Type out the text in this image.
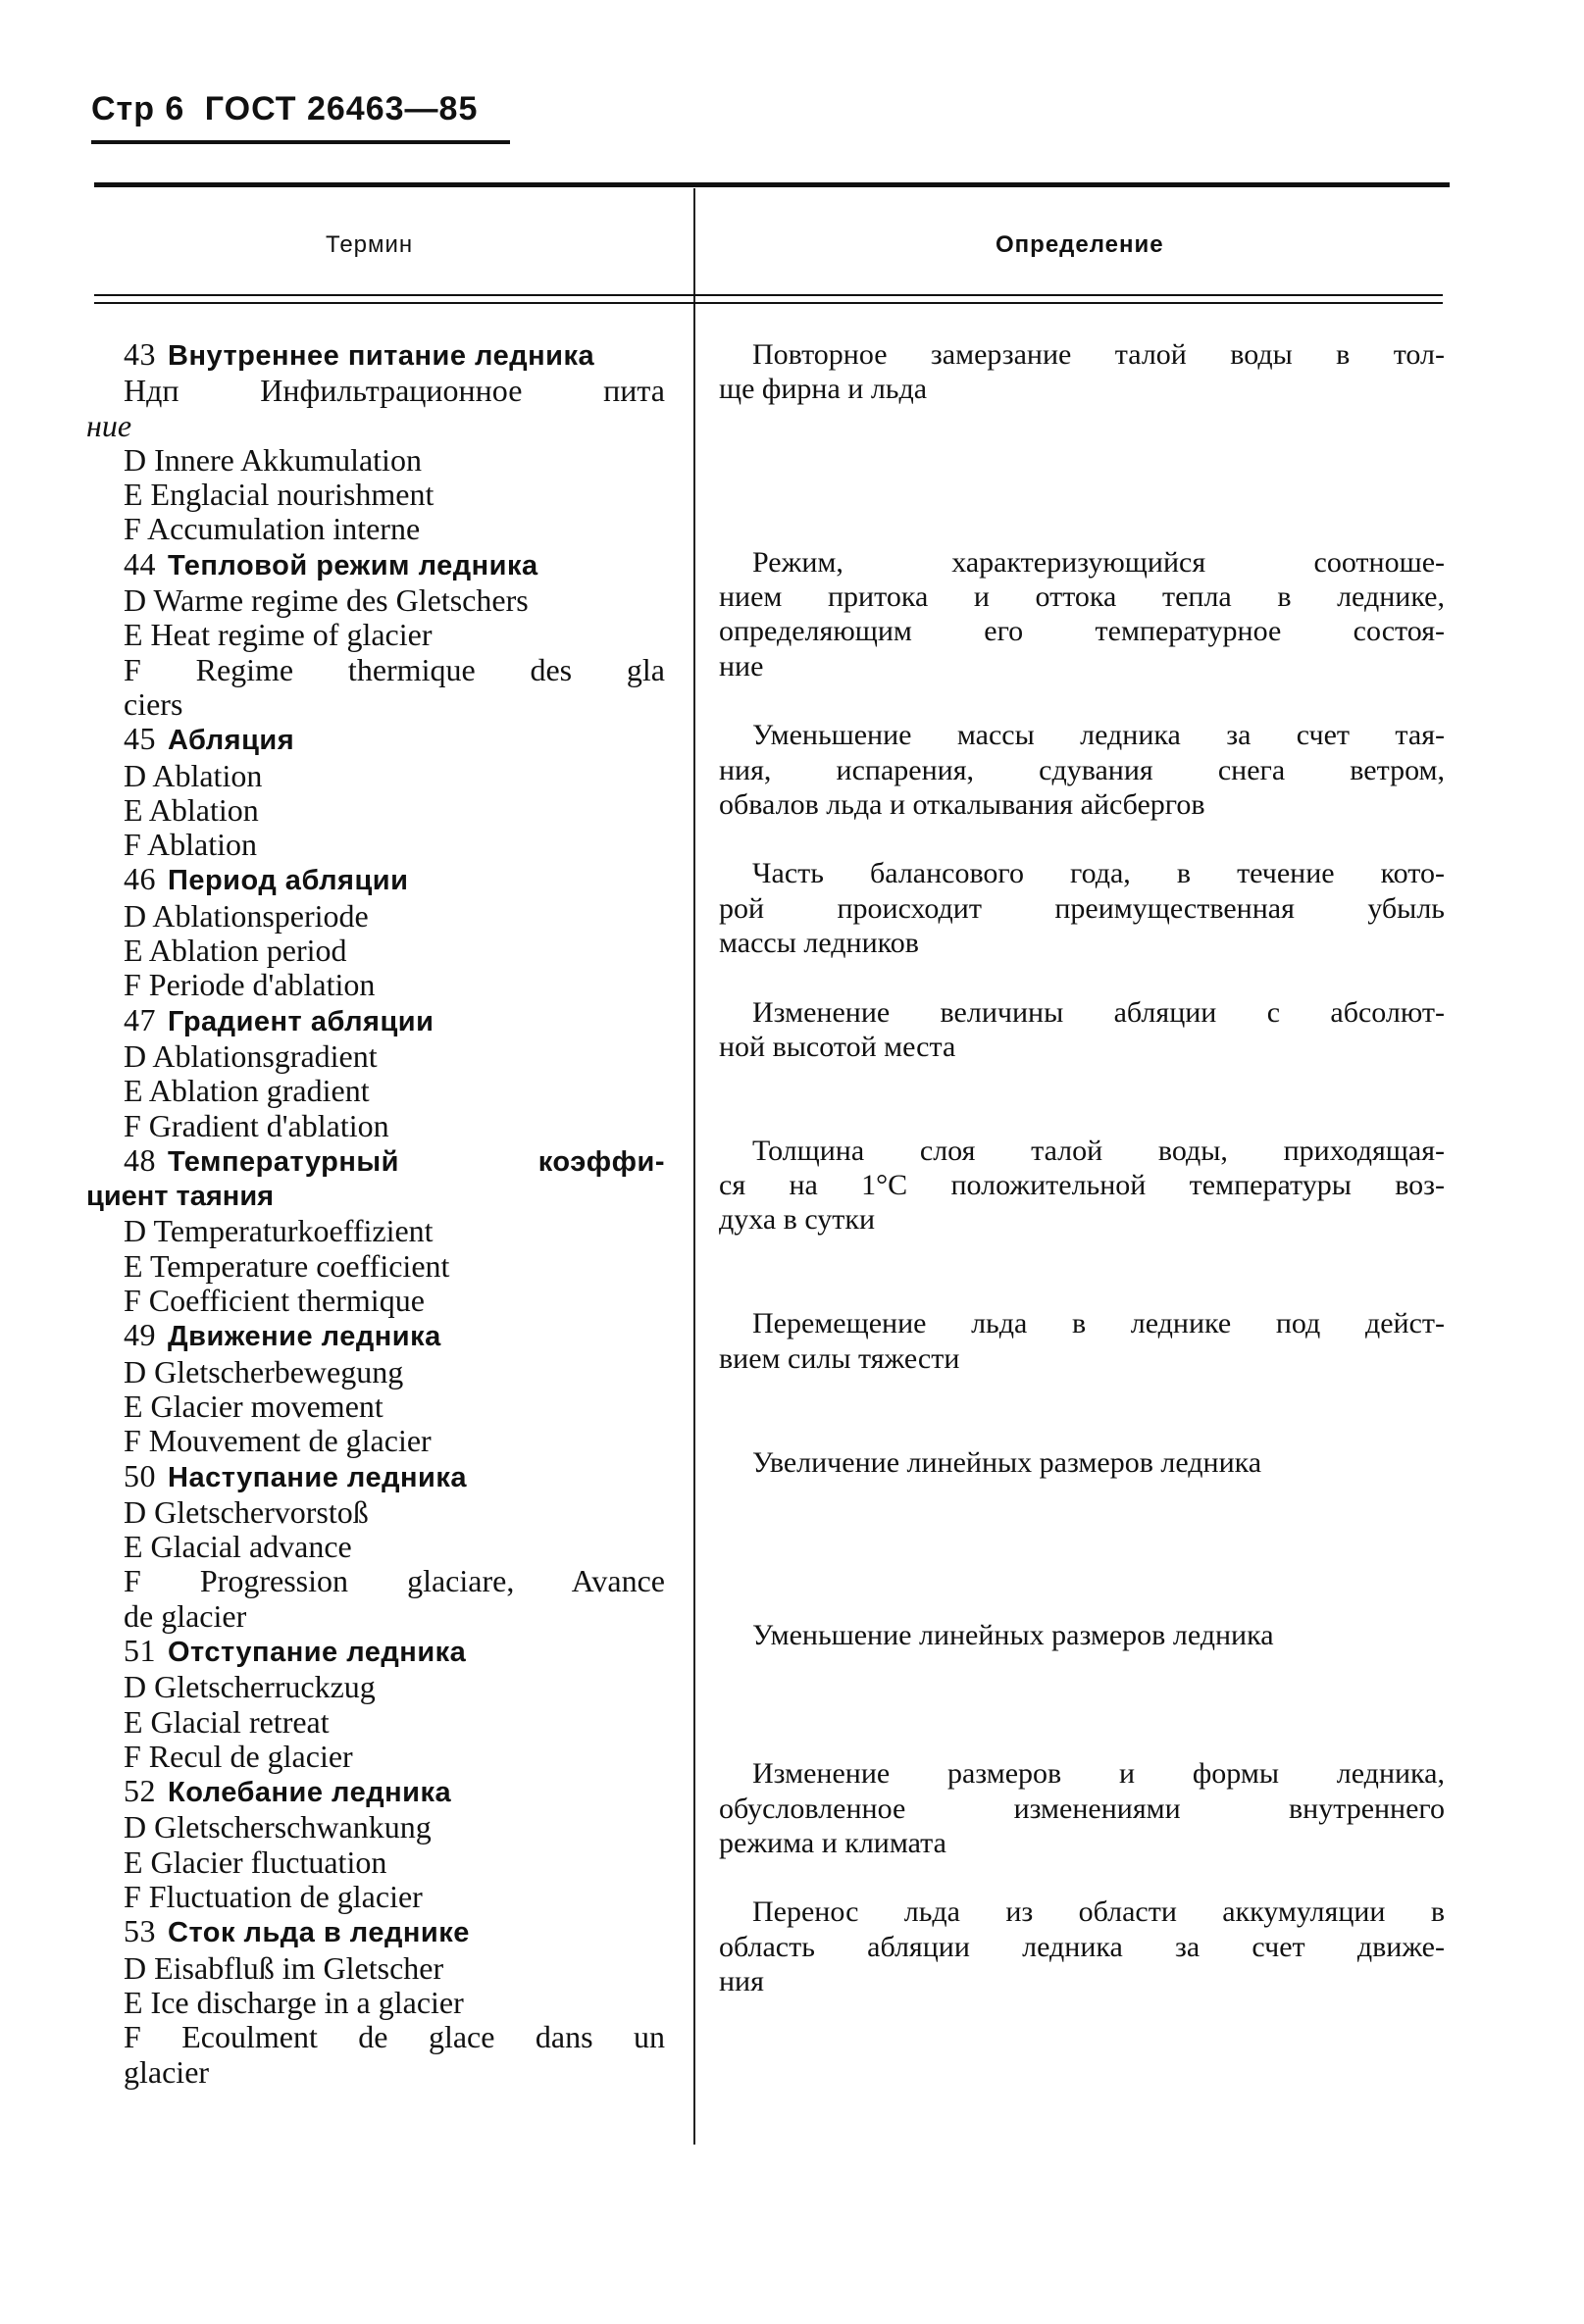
Стр 6 ГОСТ 26463—85
Термин	Определение
43 Внутреннее питание ледника
Ндп Инфильтрационное пита
ние
D Innere Akkumulation
E Englacial nourishment
F Accumulation interne
44 Тепловой режим ледника
D Warme regime des Gletschers
E Heat regime of glacier
F Regime thermique des gla
ciers
45 Абляция
D Ablation
E Ablation
F Ablation
46 Период абляции
D Ablationsperiode
E Ablation period
F Periode d'ablation
47 Градиент абляции
D Ablationsgradient
E Ablation gradient
F Gradient d'ablation
48 Температурный коэффи-
циент таяния
D Temperaturkoeffizient
E Temperature coefficient
F Coefficient thermique
49 Движение ледника
D Gletscherbewegung
E Glacier movement
F Mouvement de glacier
50 Наступание ледника
D Gletschervorstoß
E Glacial advance
F Progression glaciare, Avance
de glacier
51 Отступание ледника
D Gletscherruckzug
E Glacial retreat
F Recul de glacier
52 Колебание ледника
D Gletscherschwankung
E Glacier fluctuation
F Fluctuation de glacier
53 Сток льда в леднике
D Eisabfluß im Gletscher
E Ice discharge in a glacier
F Ecoulment de glace dans un
glacier
Повторное замерзание талой воды в тол-
ще фирна и льда
Режим, характеризующийся соотноше-
нием притока и оттока тепла в леднике,
определяющим его температурное состоя-
ние
Уменьшение массы ледника за счет тая-
ния, испарения, сдувания снега ветром,
обвалов льда и откалывания айсбергов
Часть балансового года, в течение кото-
рой происходит преимущественная убыль
массы ледников
Изменение величины абляции с абсолют-
ной высотой места
Толщина слоя талой воды, приходящая-
ся на 1°C положительной температуры воз-
духа в сутки
Перемещение льда в леднике под дейст-
вием силы тяжести
Увеличение линейных размеров ледника
Уменьшение линейных размеров ледника
Изменение размеров и формы ледника,
обусловленное изменениями внутреннего
режима и климата
Перенос льда из области аккумуляции в
область абляции ледника за счет движе-
ния
